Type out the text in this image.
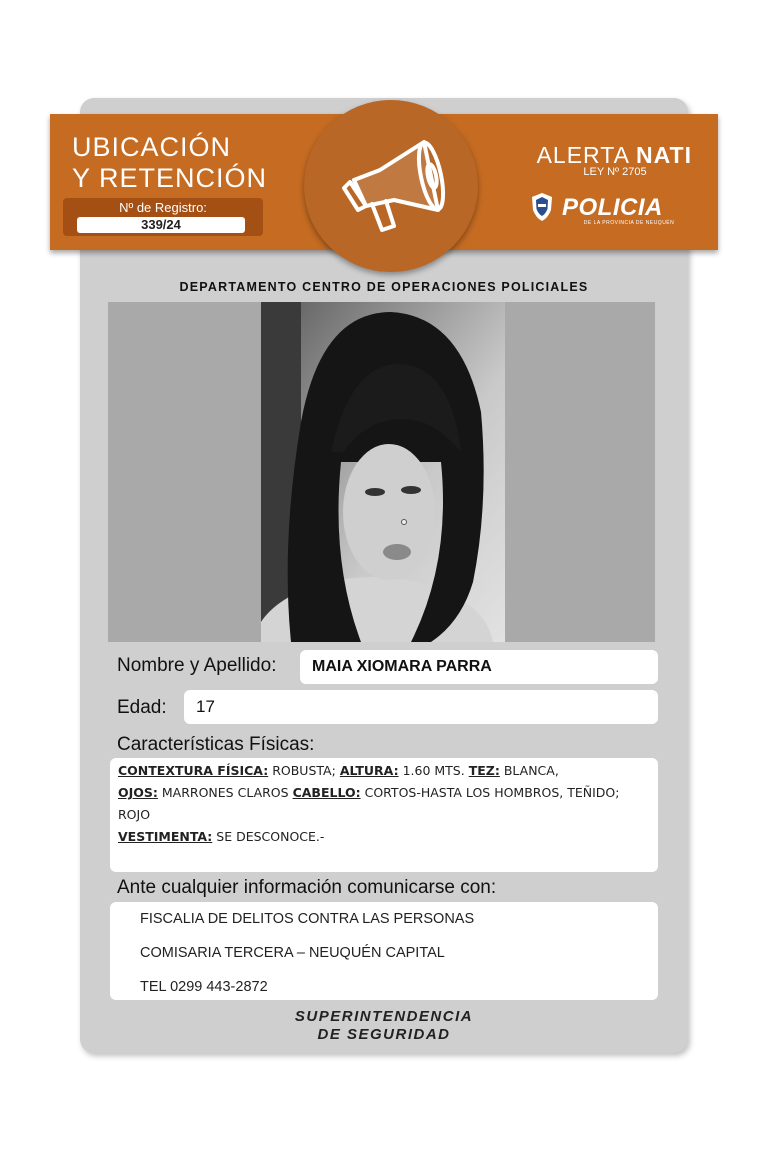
UBICACIÓN
Y RETENCIÓN
Nº de Registro:
339/24
ALERTA NATI
LEY Nº 2705
POLICIA
DE LA PROVINCIA DE NEUQUÉN
DEPARTAMENTO CENTRO DE OPERACIONES POLICIALES
Nombre y Apellido:	MAIA XIOMARA PARRA
Edad:	17
Características Físicas:
CONTEXTURA FÍSICA: ROBUSTA; ALTURA: 1.60 MTS. TEZ: BLANCA,
OJOS: MARRONES CLAROS CABELLO: CORTOS-HASTA LOS HOMBROS, TEÑIDO; ROJO
VESTIMENTA: SE DESCONOCE.-
Ante cualquier información comunicarse con:
FISCALIA DE DELITOS CONTRA LAS PERSONAS
COMISARIA TERCERA – NEUQUÉN CAPITAL
TEL 0299 443-2872
SUPERINTENDENCIA
DE SEGURIDAD
